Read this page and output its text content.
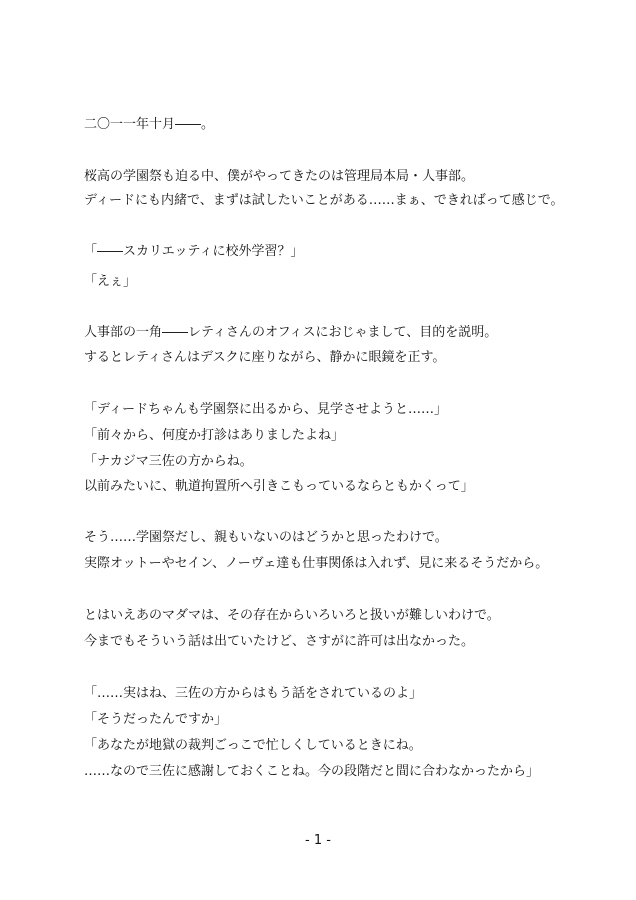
二〇一一年十月――。
桜高の学園祭も迫る中、僕がやってきたのは管理局本局・人事部。
ディードにも内緒で、まずは試したいことがある……まぁ、できればって感じで。
「――スカリエッティに校外学習？」
「えぇ」
人事部の一角――レティさんのオフィスにおじゃまして、目的を説明。
するとレティさんはデスクに座りながら、静かに眼鏡を正す。
「ディードちゃんも学園祭に出るから、見学させようと……」
「前々から、何度か打診はありましたよね」
「ナカジマ三佐の方からね。
以前みたいに、軌道拘置所へ引きこもっているならともかくって」
そう……学園祭だし、親もいないのはどうかと思ったわけで。
実際オットーやセイン、ノーヴェ達も仕事関係は入れず、見に来るそうだから。
とはいえあのマダマは、その存在からいろいろと扱いが難しいわけで。
今までもそういう話は出ていたけど、さすがに許可は出なかった。
「……実はね、三佐の方からはもう話をされているのよ」
「そうだったんですか」
「あなたが地獄の裁判ごっこで忙しくしているときにね。
……なので三佐に感謝しておくことね。今の段階だと間に合わなかったから」
- 1 -
